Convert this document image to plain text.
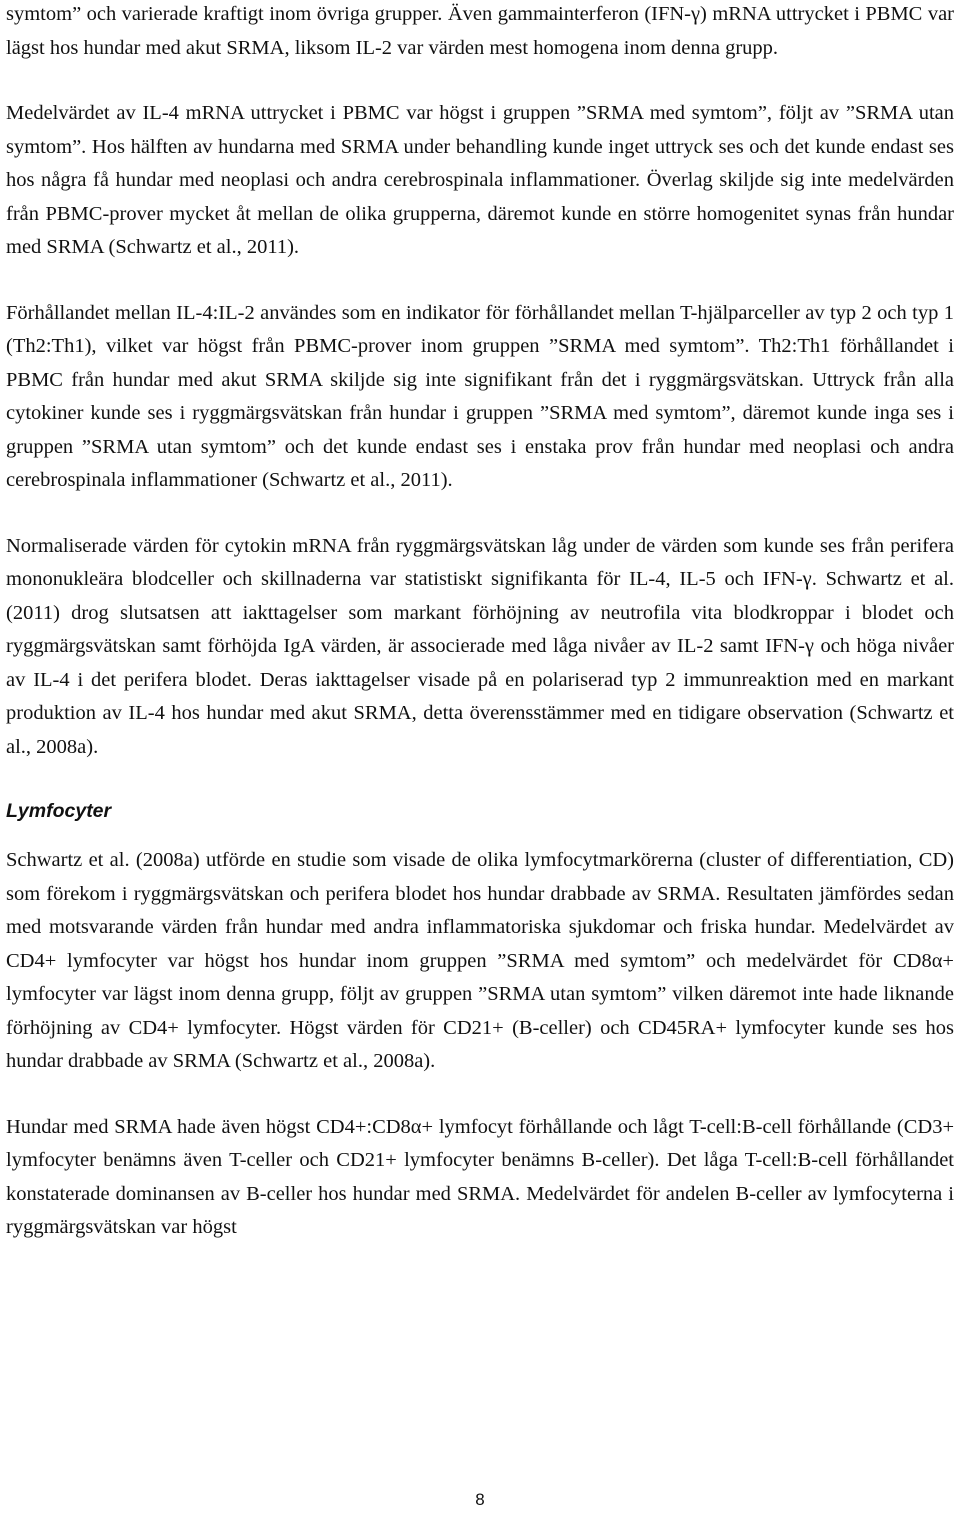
symtom” och varierade kraftigt inom övriga grupper. Även gammainterferon (IFN-γ) mRNA uttrycket i PBMC var lägst hos hundar med akut SRMA, liksom IL-2 var värden mest homogena inom denna grupp.

Medelvärdet av IL-4 mRNA uttrycket i PBMC var högst i gruppen ”SRMA med symtom”, följt av ”SRMA utan symtom”. Hos hälften av hundarna med SRMA under behandling kunde inget uttryck ses och det kunde endast ses hos några få hundar med neoplasi och andra cerebrospinala inflammationer. Överlag skiljde sig inte medelvärden från PBMC-prover mycket åt mellan de olika grupperna, däremot kunde en större homogenitet synas från hundar med SRMA (Schwartz et al., 2011).

Förhållandet mellan IL-4:IL-2 användes som en indikator för förhållandet mellan T-hjälparceller av typ 2 och typ 1 (Th2:Th1), vilket var högst från PBMC-prover inom gruppen ”SRMA med symtom”. Th2:Th1 förhållandet i PBMC från hundar med akut SRMA skiljde sig inte signifikant från det i ryggmärgsvätskan. Uttryck från alla cytokiner kunde ses i ryggmärgsvätskan från hundar i gruppen ”SRMA med symtom”, däremot kunde inga ses i gruppen ”SRMA utan symtom” och det kunde endast ses i enstaka prov från hundar med neoplasi och andra cerebrospinala inflammationer (Schwartz et al., 2011).

Normaliserade värden för cytokin mRNA från ryggmärgsvätskan låg under de värden som kunde ses från perifera mononukleära blodceller och skillnaderna var statistiskt signifikanta för IL-4, IL-5 och IFN-γ. Schwartz et al. (2011) drog slutsatsen att iakttagelser som markant förhöjning av neutrofila vita blodkroppar i blodet och ryggmärgsvätskan samt förhöjda IgA värden, är associerade med låga nivåer av IL-2 samt IFN-γ och höga nivåer av IL-4 i det perifera blodet. Deras iakttagelser visade på en polariserad typ 2 immunreaktion med en markant produktion av IL-4 hos hundar med akut SRMA, detta överensstämmer med en tidigare observation (Schwartz et al., 2008a).

Lymfocyter

Schwartz et al. (2008a) utförde en studie som visade de olika lymfocytmarkörerna (cluster of differentiation, CD) som förekom i ryggmärgsvätskan och perifera blodet hos hundar drabbade av SRMA. Resultaten jämfördes sedan med motsvarande värden från hundar med andra inflammatoriska sjukdomar och friska hundar. Medelvärdet av CD4+ lymfocyter var högst hos hundar inom gruppen ”SRMA med symtom” och medelvärdet för CD8α+ lymfocyter var lägst inom denna grupp, följt av gruppen ”SRMA utan symtom” vilken däremot inte hade liknande förhöjning av CD4+ lymfocyter. Högst värden för CD21+ (B-celler) och CD45RA+ lymfocyter kunde ses hos hundar drabbade av SRMA (Schwartz et al., 2008a).

Hundar med SRMA hade även högst CD4+:CD8α+ lymfocyt förhållande och lågt T-cell:B-cell förhållande (CD3+ lymfocyter benämns även T-celler och CD21+ lymfocyter benämns B-celler). Det låga T-cell:B-cell förhållandet konstaterade dominansen av B-celler hos hundar med SRMA. Medelvärdet för andelen B-celler av lymfocyterna i ryggmärgsvätskan var högst

8
